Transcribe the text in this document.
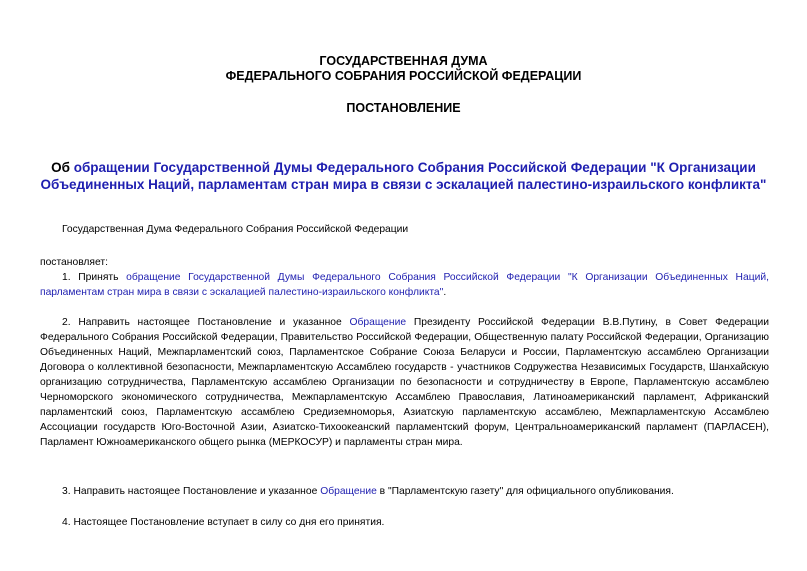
ГОСУДАРСТВЕННАЯ ДУМА
ФЕДЕРАЛЬНОГО СОБРАНИЯ РОССИЙСКОЙ ФЕДЕРАЦИИ
ПОСТАНОВЛЕНИЕ
Об обращении Государственной Думы Федерального Собрания Российской Федерации "К Организации Объединенных Наций, парламентам стран мира в связи с эскалацией палестино-израильского конфликта"
Государственная Дума Федерального Собрания Российской Федерации
постановляет:
1. Принять обращение Государственной Думы Федерального Собрания Российской Федерации "К Организации Объединенных Наций, парламентам стран мира в связи с эскалацией палестино-израильского конфликта".
2. Направить настоящее Постановление и указанное Обращение Президенту Российской Федерации В.В.Путину, в Совет Федерации Федерального Собрания Российской Федерации, Правительство Российской Федерации, Общественную палату Российской Федерации, Организацию Объединенных Наций, Межпарламентский союз, Парламентское Собрание Союза Беларуси и России, Парламентскую ассамблею Организации Договора о коллективной безопасности, Межпарламентскую Ассамблею государств - участников Содружества Независимых Государств, Шанхайскую организацию сотрудничества, Парламентскую ассамблею Организации по безопасности и сотрудничеству в Европе, Парламентскую ассамблею Черноморского экономического сотрудничества, Межпарламентскую Ассамблею Православия, Латиноамериканский парламент, Африканский парламентский союз, Парламентскую ассамблею Средиземноморья, Азиатскую парламентскую ассамблею, Межпарламентскую Ассамблею Ассоциации государств Юго-Восточной Азии, Азиатско-Тихоокеанский парламентский форум, Центральноамериканский парламент (ПАРЛАСЕН), Парламент Южноамериканского общего рынка (МЕРКОСУР) и парламенты стран мира.
3. Направить настоящее Постановление и указанное Обращение в "Парламентскую газету" для официального опубликования.
4. Настоящее Постановление вступает в силу со дня его принятия.
